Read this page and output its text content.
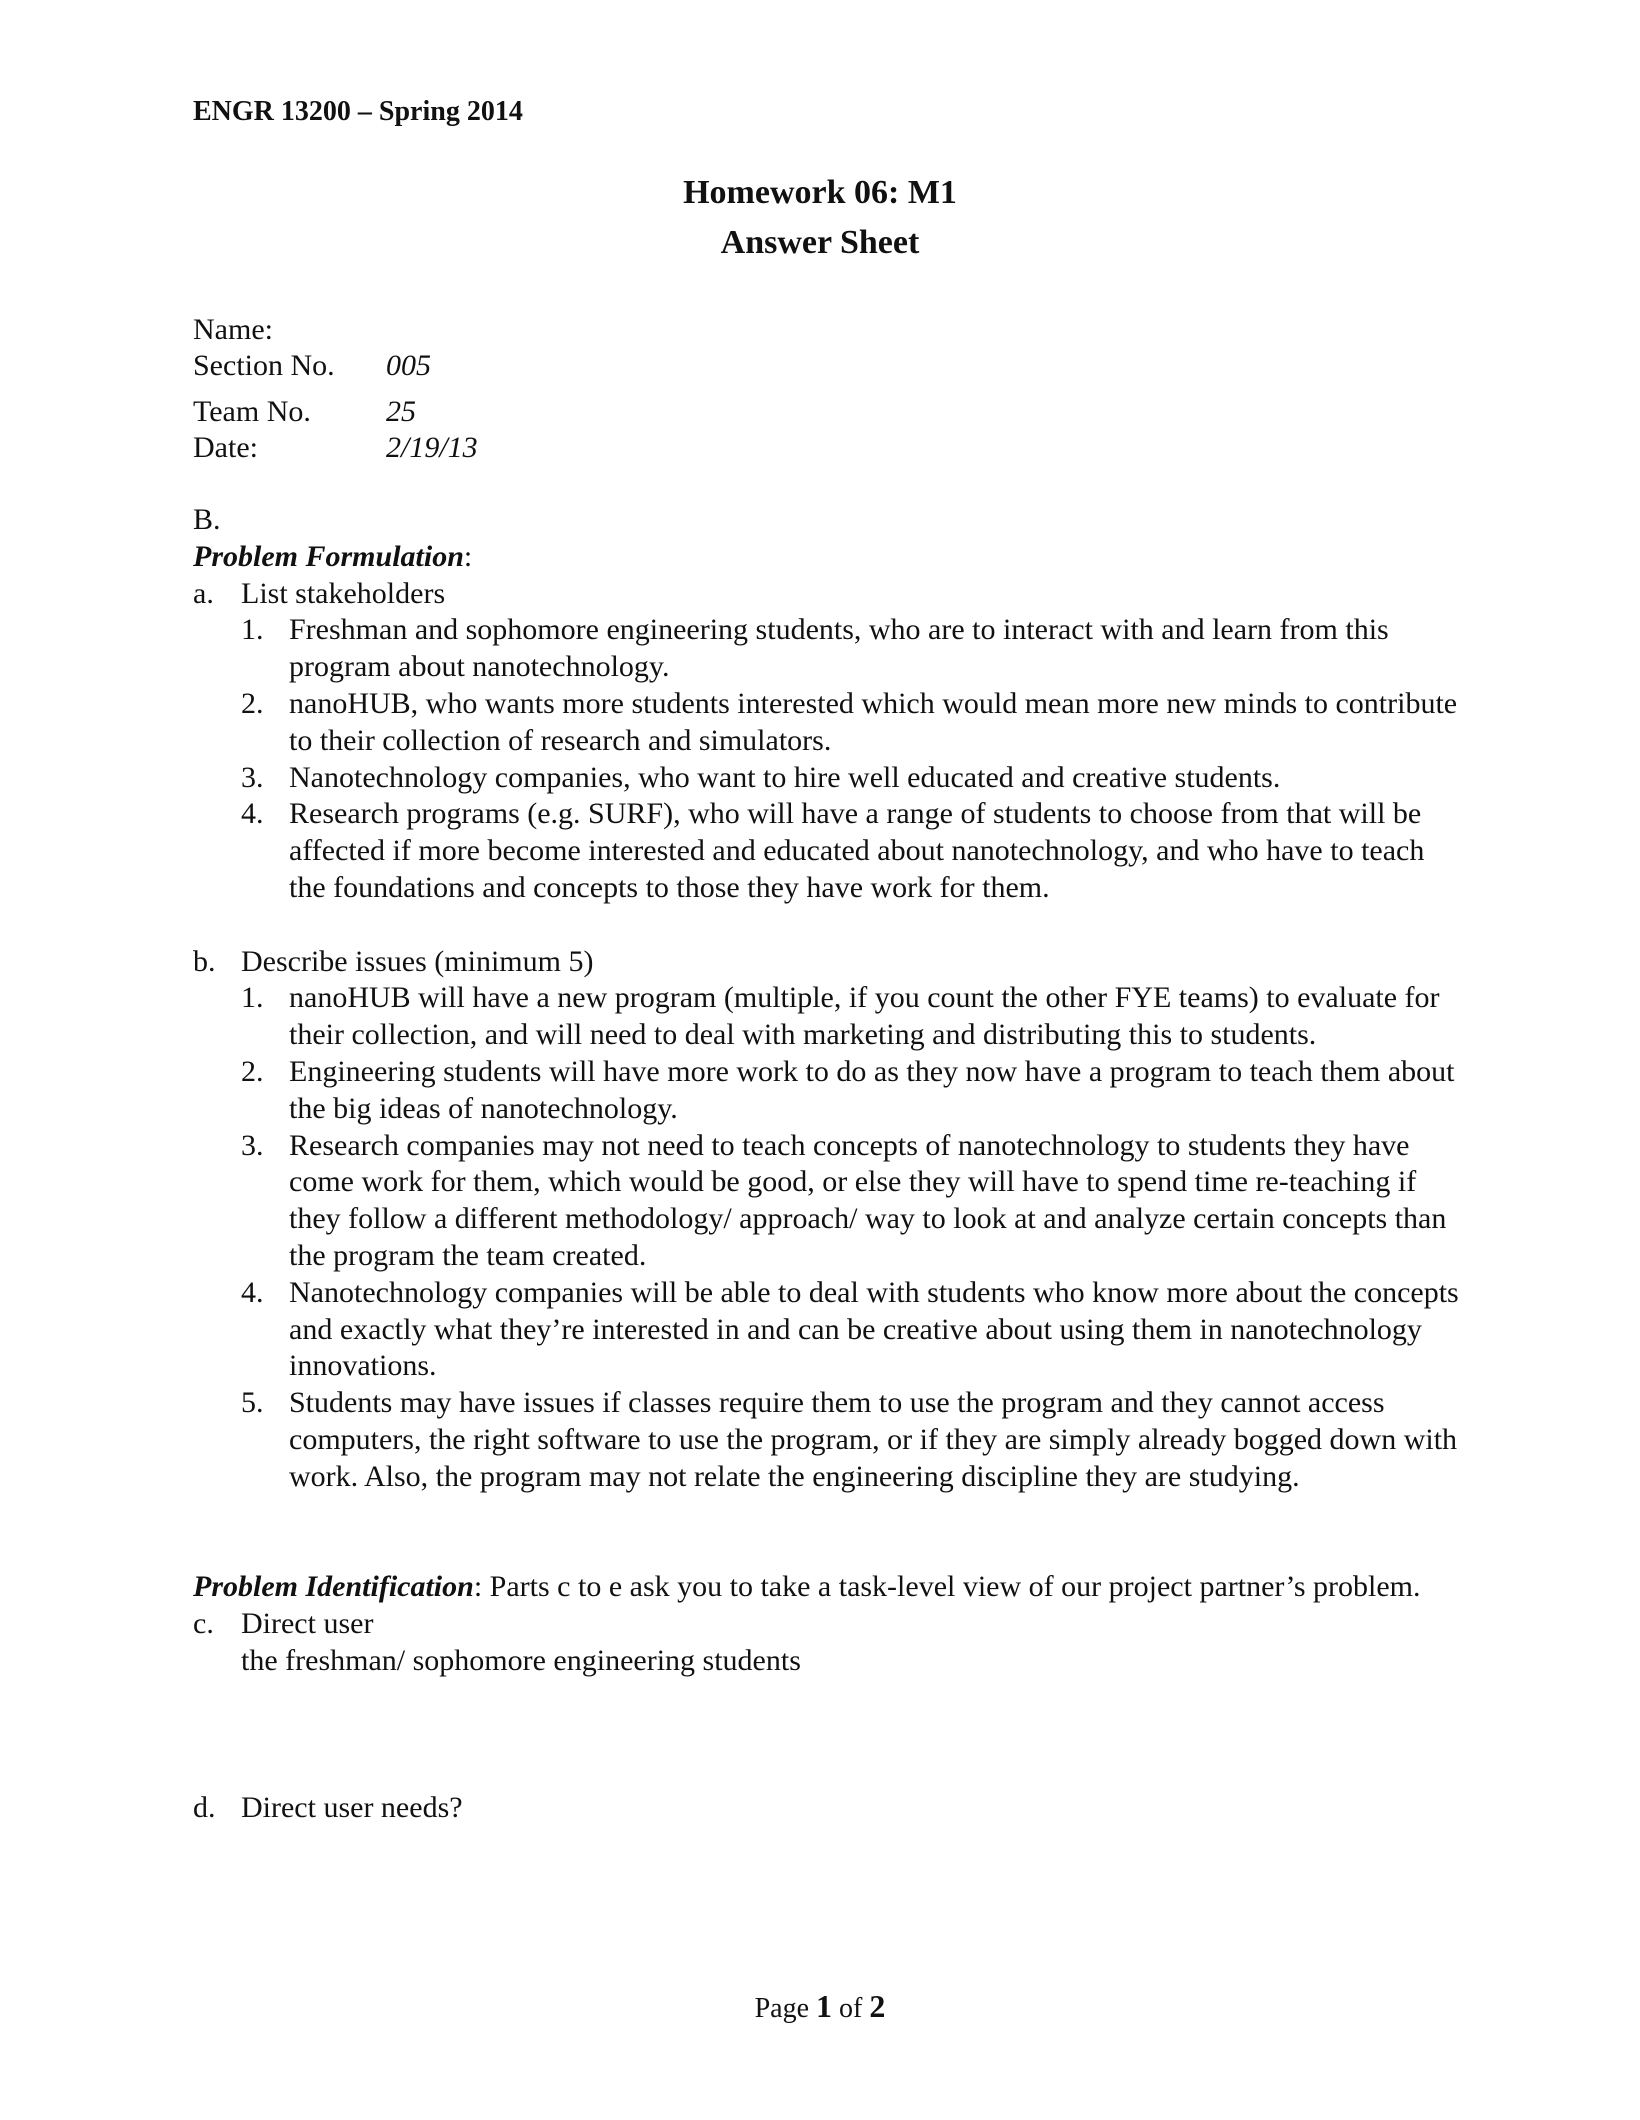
ENGR 13200 – Spring 2014
Homework 06: M1
Answer Sheet
Name:
Section No.	005
Team No.	25
Date:	2/19/13

B.

Problem Formulation:

a. List stakeholders
1. Freshman and sophomore engineering students, who are to interact with and learn from this program about nanotechnology.
2. nanoHUB, who wants more students interested which would mean more new minds to contribute to their collection of research and simulators.
3. Nanotechnology companies, who want to hire well educated and creative students.
4. Research programs (e.g. SURF), who will have a range of students to choose from that will be affected if more become interested and educated about nanotechnology, and who have to teach the foundations and concepts to those they have work for them.
b. Describe issues (minimum 5)
1. nanoHUB will have a new program (multiple, if you count the other FYE teams) to evaluate for their collection, and will need to deal with marketing and distributing this to students.
2. Engineering students will have more work to do as they now have a program to teach them about the big ideas of nanotechnology.
3. Research companies may not need to teach concepts of nanotechnology to students they have come work for them, which would be good, or else they will have to spend time re-teaching if they follow a different methodology/ approach/ way to look at and analyze certain concepts than the program the team created.
4. Nanotechnology companies will be able to deal with students who know more about the concepts and exactly what they’re interested in and can be creative about using them in nanotechnology innovations.
5. Students may have issues if classes require them to use the program and they cannot access computers, the right software to use the program, or if they are simply already bogged down with work. Also, the program may not relate the engineering discipline they are studying.

Problem Identification: Parts c to e ask you to take a task-level view of our project partner’s problem.

c. Direct user

the freshman/ sophomore engineering students

d. Direct user needs?
Page 1 of 2
